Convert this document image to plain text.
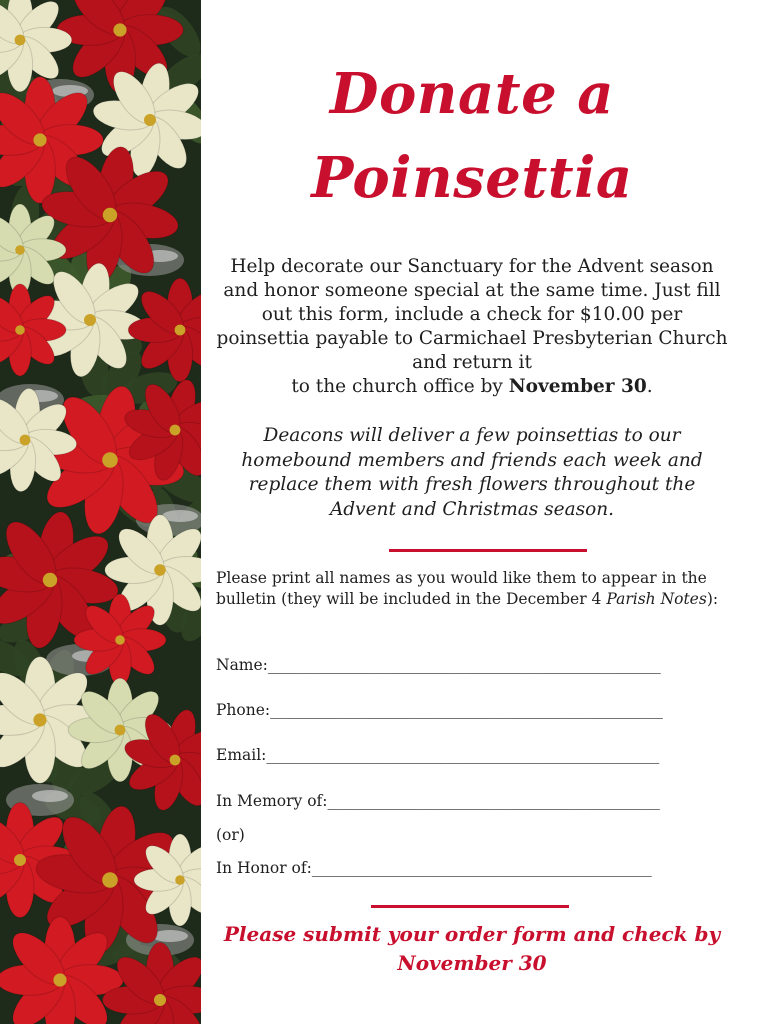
Donate a
Poinsettia
Help decorate our Sanctuary for the Advent season and honor someone special at the same time. Just fill out this form, include a check for $10.00 per poinsettia payable to Carmichael Presbyterian Church and return it
to the church office by November 30.
Deacons will deliver a few poinsettias to our homebound members and friends each week and replace them with fresh flowers throughout the Advent and Christmas season.
Please print all names as you would like them to appear in the bulletin (they will be included in the December 4 Parish Notes):
Name:____________________________________________________
Phone:____________________________________________________
Email:____________________________________________________
In Memory of:____________________________________________
(or)
In Honor of:_____________________________________________
Please submit your order form and check by
November 30
